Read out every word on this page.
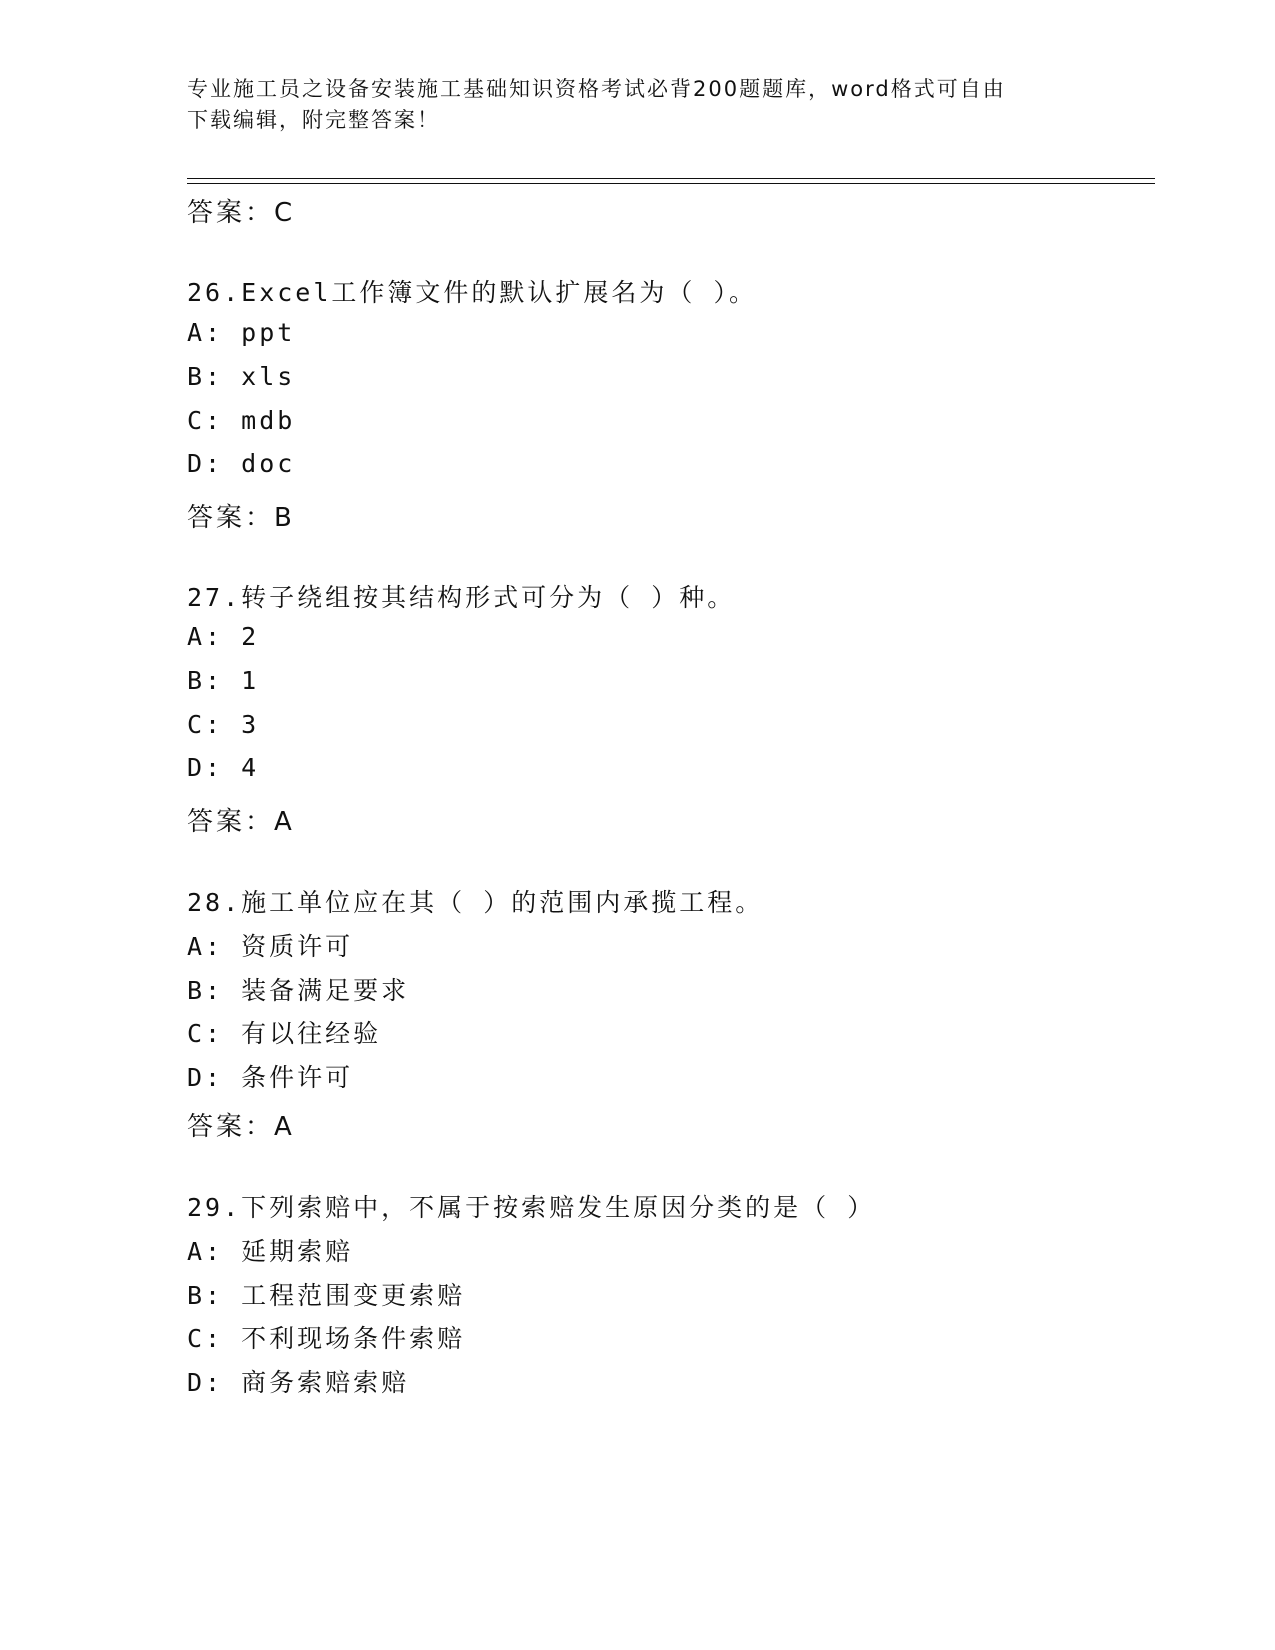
专业施工员之设备安装施工基础知识资格考试必背200题题库，word格式可自由
下载编辑，附完整答案！
答案：C
26.Excel工作簿文件的默认扩展名为（ ）。
A: ppt
B: xls
C: mdb
D: doc
答案：B
27.转子绕组按其结构形式可分为（ ）种。
A: 2
B: 1
C: 3
D: 4
答案：A
28.施工单位应在其（ ）的范围内承揽工程。
A: 资质许可
B: 装备满足要求
C: 有以往经验
D: 条件许可
答案：A
29.下列索赔中，不属于按索赔发生原因分类的是（ ）
A: 延期索赔
B: 工程范围变更索赔
C: 不利现场条件索赔
D: 商务索赔索赔
